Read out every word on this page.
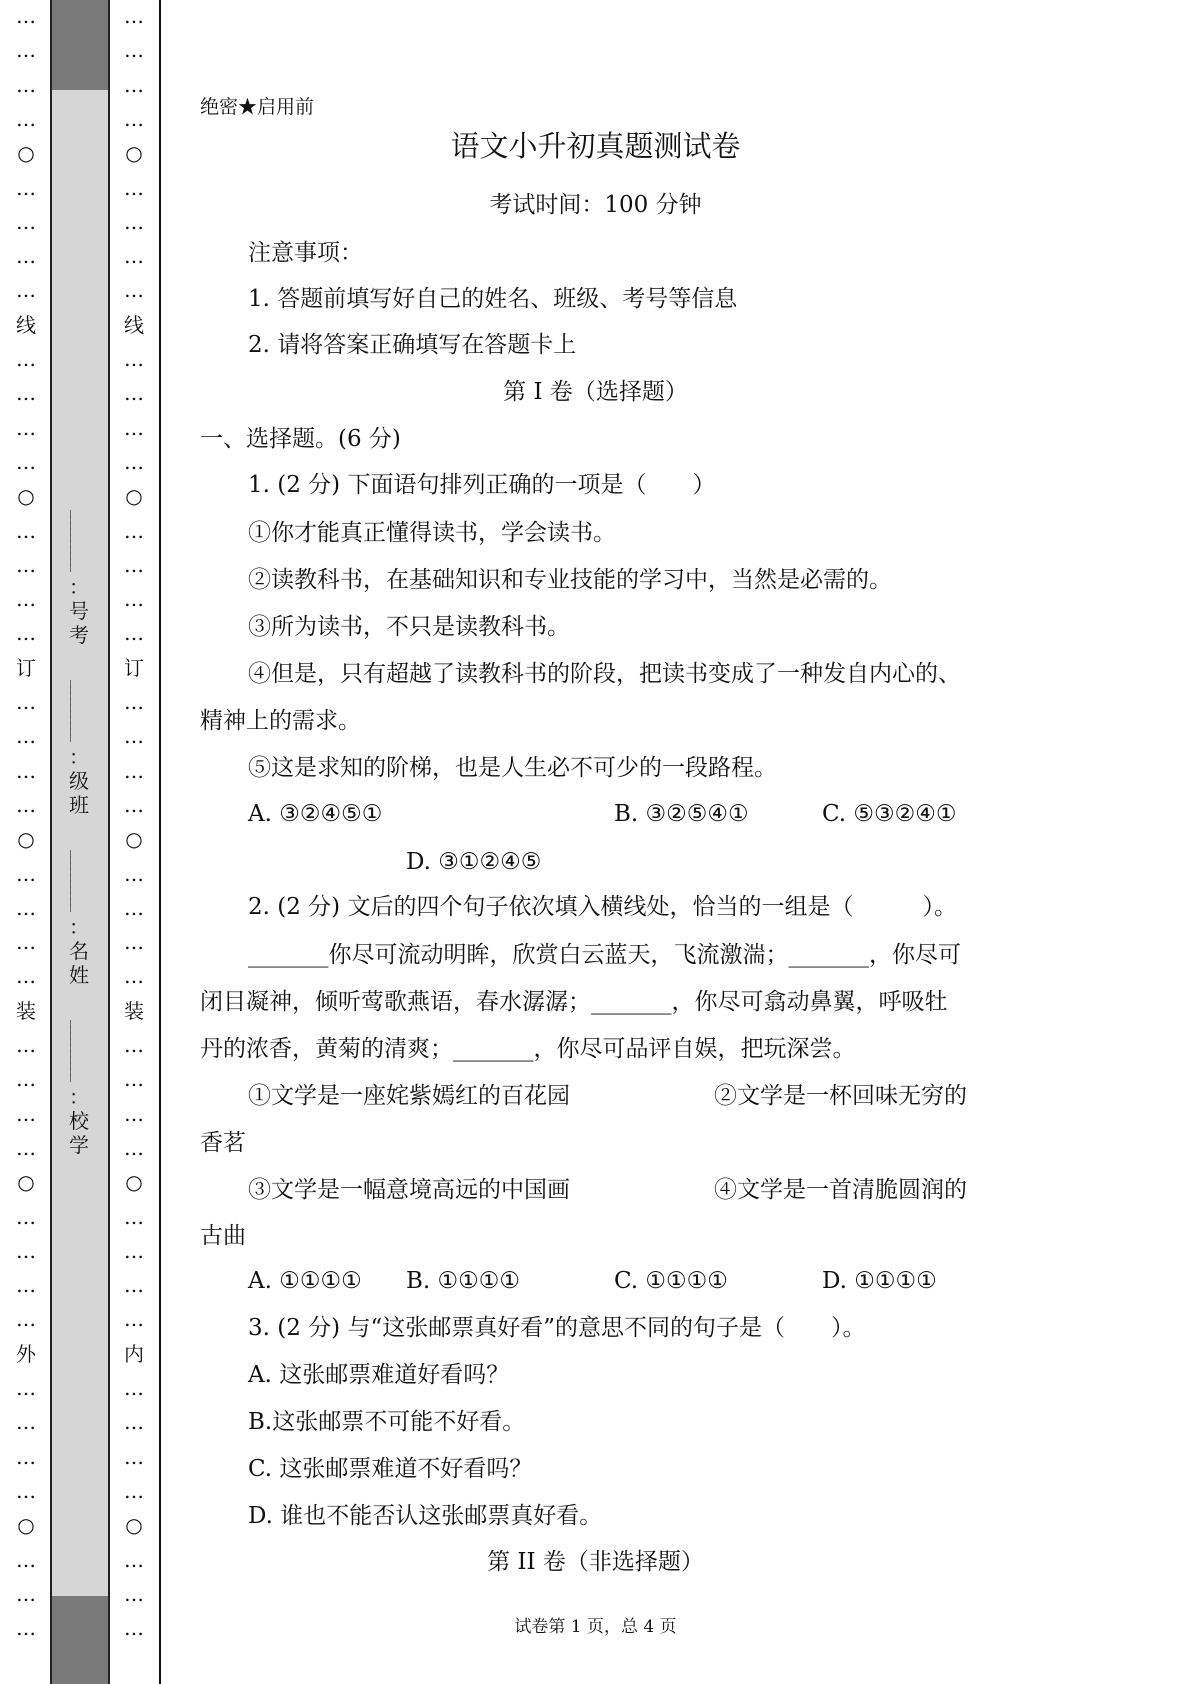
…
…
…
…
○
…
…
…
…
线
…
…
…
…
○
…
…
…
…
订
…
…
…
…
○
…
…
…
…
装
…
…
…
…
○
…
…
…
…
外
…
…
…
…
○
…
…
…
…
…
…
…
○
…
…
…
…
线
…
…
…
…
○
…
…
…
…
订
…
…
…
…
○
…
…
…
…
装
…
…
…
…
○
…
…
…
…
内
…
…
…
…
○
…
…
…
__________
：
号
考
__________
：
级
班
__________
：
名
姓
__________
：
校
学
绝密★启用前
语文小升初真题测试卷
考试时间：100 分钟
注意事项：
1. 答题前填写好自己的姓名、班级、考号等信息
2. 请将答案正确填写在答题卡上
第 I 卷（选择题）
一、选择题。(6 分)
1. (2 分) 下面语句排列正确的一项是（　　）
①你才能真正懂得读书，学会读书。
②读教科书，在基础知识和专业技能的学习中，当然是必需的。
③所为读书，不只是读教科书。
④但是，只有超越了读教科书的阶段，把读书变成了一种发自内心的、
精神上的需求。
⑤这是求知的阶梯，也是人生必不可少的一段路程。
A. ③②④⑤①	B. ③②⑤④①	C. ⑤③②④①
D. ③①②④⑤
2. (2 分) 文后的四个句子依次填入横线处，恰当的一组是（　　　）。
_______你尽可流动明眸，欣赏白云蓝天，飞流激湍；_______，你尽可
闭目凝神，倾听莺歌燕语，春水潺潺；_______，你尽可翕动鼻翼，呼吸牡
丹的浓香，黄菊的清爽；_______，你尽可品评自娱，把玩深尝。
①文学是一座姹紫嫣红的百花园	②文学是一杯回味无穷的
香茗
③文学是一幅意境高远的中国画	④文学是一首清脆圆润的
古曲
A. ①①①① B. ①①①①	C. ①①①①	D. ①①①①
3. (2 分) 与“这张邮票真好看”的意思不同的句子是（　　）。
A. 这张邮票难道好看吗？
B.这张邮票不可能不好看。
C. 这张邮票难道不好看吗？
D. 谁也不能否认这张邮票真好看。
第 II 卷（非选择题）
试卷第 1 页，总 4 页
